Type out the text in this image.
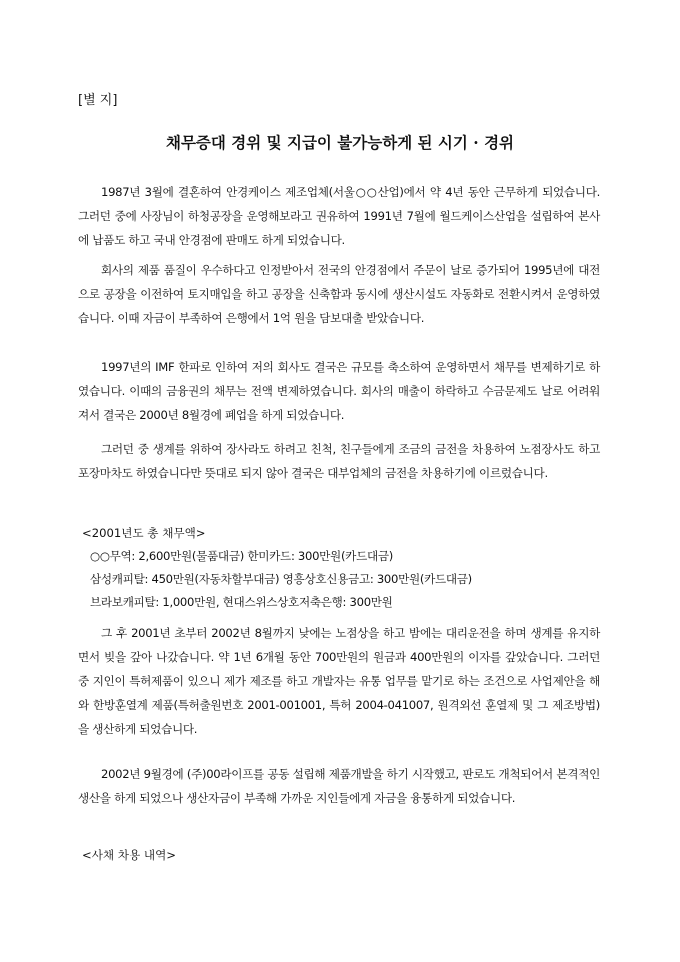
[별 지]
채무증대 경위 및 지급이 불가능하게 된 시기 · 경위

1987년 3월에 결혼하여 안경케이스 제조업체(서울○○산업)에서 약 4년 동안 근무하게 되었습니다. 그러던 중에 사장님이 하청공장을 운영해보라고 권유하여 1991년 7월에 월드케이스산업을 설립하여 본사에 납품도 하고 국내 안경점에 판매도 하게 되었습니다.

회사의 제품 품질이 우수하다고 인정받아서 전국의 안경점에서 주문이 날로 증가되어 1995년에 대전으로 공장을 이전하여 토지매입을 하고 공장을 신축함과 동시에 생산시설도 자동화로 전환시켜서 운영하였습니다. 이때 자금이 부족하여 은행에서 1억 원을 담보대출 받았습니다.

1997년의 IMF 한파로 인하여 저의 회사도 결국은 규모를 축소하여 운영하면서 채무를 변제하기로 하였습니다. 이때의 금융권의 채무는 전액 변제하였습니다. 회사의 매출이 하락하고 수금문제도 날로 어려워져서 결국은 2000년 8월경에 폐업을 하게 되었습니다.

그러던 중 생계를 위하여 장사라도 하려고 친척, 친구들에게 조금의 금전을 차용하여 노점장사도 하고 포장마차도 하였습니다만 뜻대로 되지 않아 결국은 대부업체의 금전을 차용하기에 이르렀습니다.

<2001년도 총 채무액>

○○무역: 2,600만원(물품대금) 한미카드: 300만원(카드대금)
삼성캐피탈: 450만원(자동차할부대금) 영흥상호신용금고: 300만원(카드대금)
브라보캐피탈: 1,000만원, 현대스위스상호저축은행: 300만원

그 후 2001년 초부터 2002년 8월까지 낮에는 노점상을 하고 밤에는 대리운전을 하며 생계를 유지하면서 빚을 갚아 나갔습니다. 약 1년 6개월 동안 700만원의 원금과 400만원의 이자를 갚았습니다. 그러던 중 지인이 특허제품이 있으니 제가 제조를 하고 개발자는 유통 업무를 맡기로 하는 조건으로 사업제안을 해와 한방훈열계 제품(특허출원번호 2001-001001, 특허 2004-041007, 원격외선 훈열제 및 그 제조방법)을 생산하게 되었습니다.

2002년 9월경에 (주)00라이프를 공동 설립해 제품개발을 하기 시작했고, 판로도 개척되어서 본격적인 생산을 하게 되었으나 생산자금이 부족해 가까운 지인들에게 자금을 융통하게 되었습니다.

<사채 차용 내역>
